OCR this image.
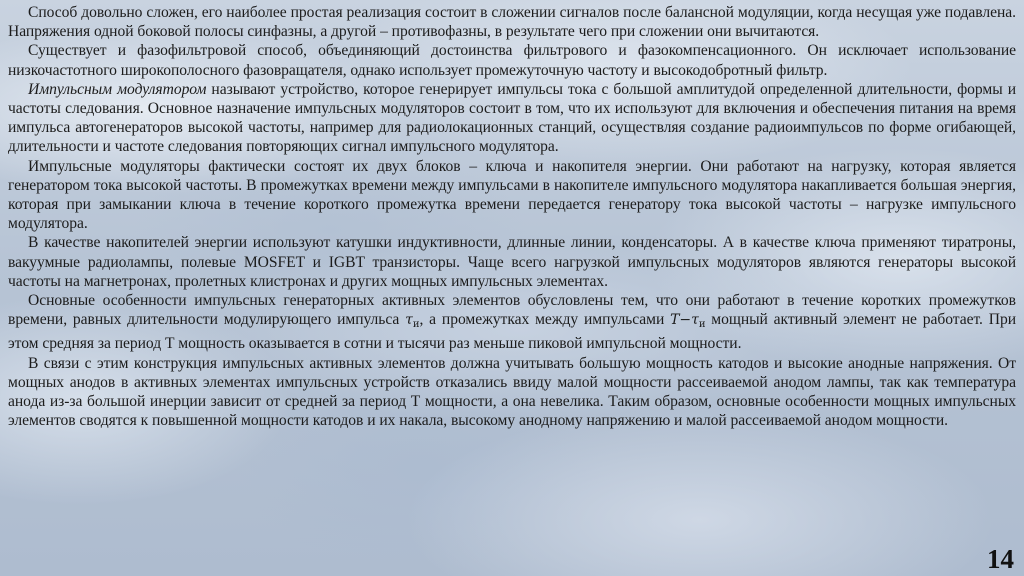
Способ довольно сложен, его наиболее простая реализация состоит в сложении сигналов после балансной модуляции, когда несущая уже подавлена. Напряжения одной боковой полосы синфазны, а другой – противофазны, в результате чего при сложении они вычитаются.

Существует и фазофильтровой способ, объединяющий достоинства фильтрового и фазокомпенсационного. Он исключает использование низкочастотного широкополосного фазовращателя, однако использует промежуточную частоту и высокодобротный фильтр.

Импульсным модулятором называют устройство, которое генерирует импульсы тока с большой амплитудой определенной длительности, формы и частоты следования. Основное назначение импульсных модуляторов состоит в том, что их используют для включения и обеспечения питания на время импульса автогенераторов высокой частоты, например для радиолокационных станций, осуществляя создание радиоимпульсов по форме огибающей, длительности и частоте следования повторяющих сигнал импульсного модулятора.

Импульсные модуляторы фактически состоят их двух блоков – ключа и накопителя энергии. Они работают на нагрузку, которая является генератором тока высокой частоты. В промежутках времени между импульсами в накопителе импульсного модулятора накапливается большая энергия, которая при замыкании ключа в течение короткого промежутка времени передается генератору тока высокой частоты – нагрузке импульсного модулятора.

В качестве накопителей энергии используют катушки индуктивности, длинные линии, конденсаторы. А в качестве ключа применяют тиратроны, вакуумные радиолампы, полевые MOSFET и IGBT транзисторы. Чаще всего нагрузкой импульсных модуляторов являются генераторы высокой частоты на магнетронах, пролетных клистронах и других мощных импульсных элементах.

Основные особенности импульсных генераторных активных элементов обусловлены тем, что они работают в течение коротких промежутков времени, равных длительности модулирующего импульса $\tau_и$, а промежутках между импульсами $T-\tau_и$ мощный активный элемент не работает. При этом средняя за период Т мощность оказывается в сотни и тысячи раз меньше пиковой импульсной мощности.

В связи с этим конструкция импульсных активных элементов должна учитывать большую мощность катодов и высокие анодные напряжения. От мощных анодов в активных элементах импульсных устройств отказались ввиду малой мощности рассеиваемой анодом лампы, так как температура анода из-за большой инерции зависит от средней за период Т мощности, а она невелика. Таким образом, основные особенности мощных импульсных элементов сводятся к повышенной мощности катодов и их накала, высокому анодному напряжению и малой рассеиваемой анодом мощности.

14
